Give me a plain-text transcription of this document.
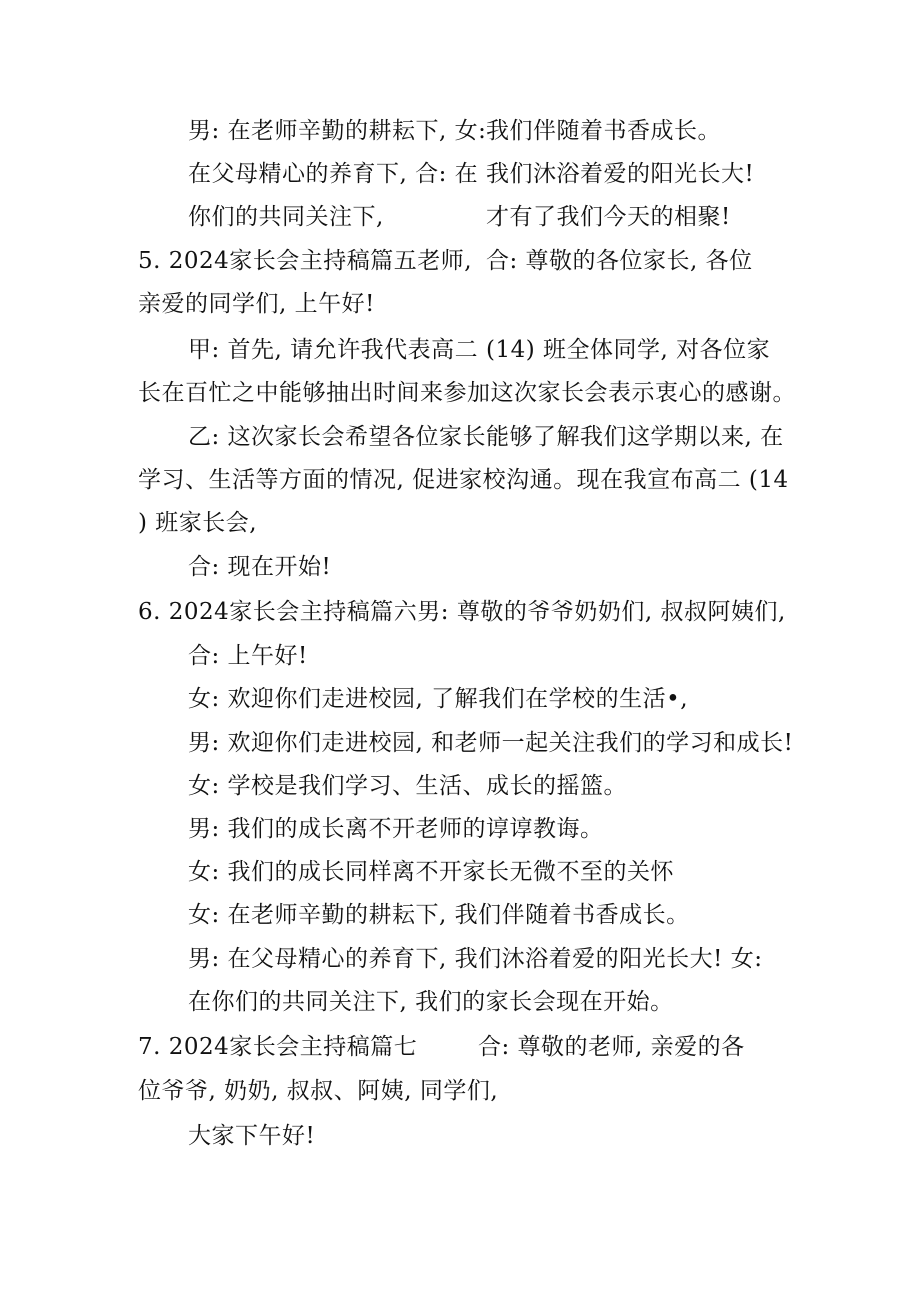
男: 在老师辛勤的耕耘下, 女: 我们伴随着书香成长。
在父母精心的养育下, 合: 在 我们沐浴着爱的阳光长大!
你们的共同关注下,	才有了我们今天的相聚!
5. 2024家长会主持稿篇五老师, 合: 尊敬的各位家长, 各位
亲爱的同学们, 上午好!
甲: 首先, 请允许我代表高二 (14) 班全体同学, 对各位家
长在百忙之中能够抽出时间来参加这次家长会表示衷心的感谢。
乙: 这次家长会希望各位家长能够了解我们这学期以来, 在
学习、生活等方面的情况, 促进家校沟通。现在我宣布高二 (14
) 班家长会,
合: 现在开始!
6. 2024家长会主持稿篇六男: 尊敬的爷爷奶奶们, 叔叔阿姨们,
合: 上午好!
女: 欢迎你们走进校园, 了解我们在学校的生活•,
男: 欢迎你们走进校园, 和老师一起关注我们的学习和成长!
女: 学校是我们学习、生活、成长的摇篮。
男: 我们的成长离不开老师的谆谆教诲。
女: 我们的成长同样离不开家长无微不至的关怀
女: 在老师辛勤的耕耘下, 我们伴随着书香成长。
男: 在父母精心的养育下, 我们沐浴着爱的阳光长大! 女:
在你们的共同关注下, 我们的家长会现在开始。
7. 2024家长会主持稿篇七	合: 尊敬的老师, 亲爱的各
位爷爷, 奶奶, 叔叔、阿姨, 同学们,
大家下午好!
